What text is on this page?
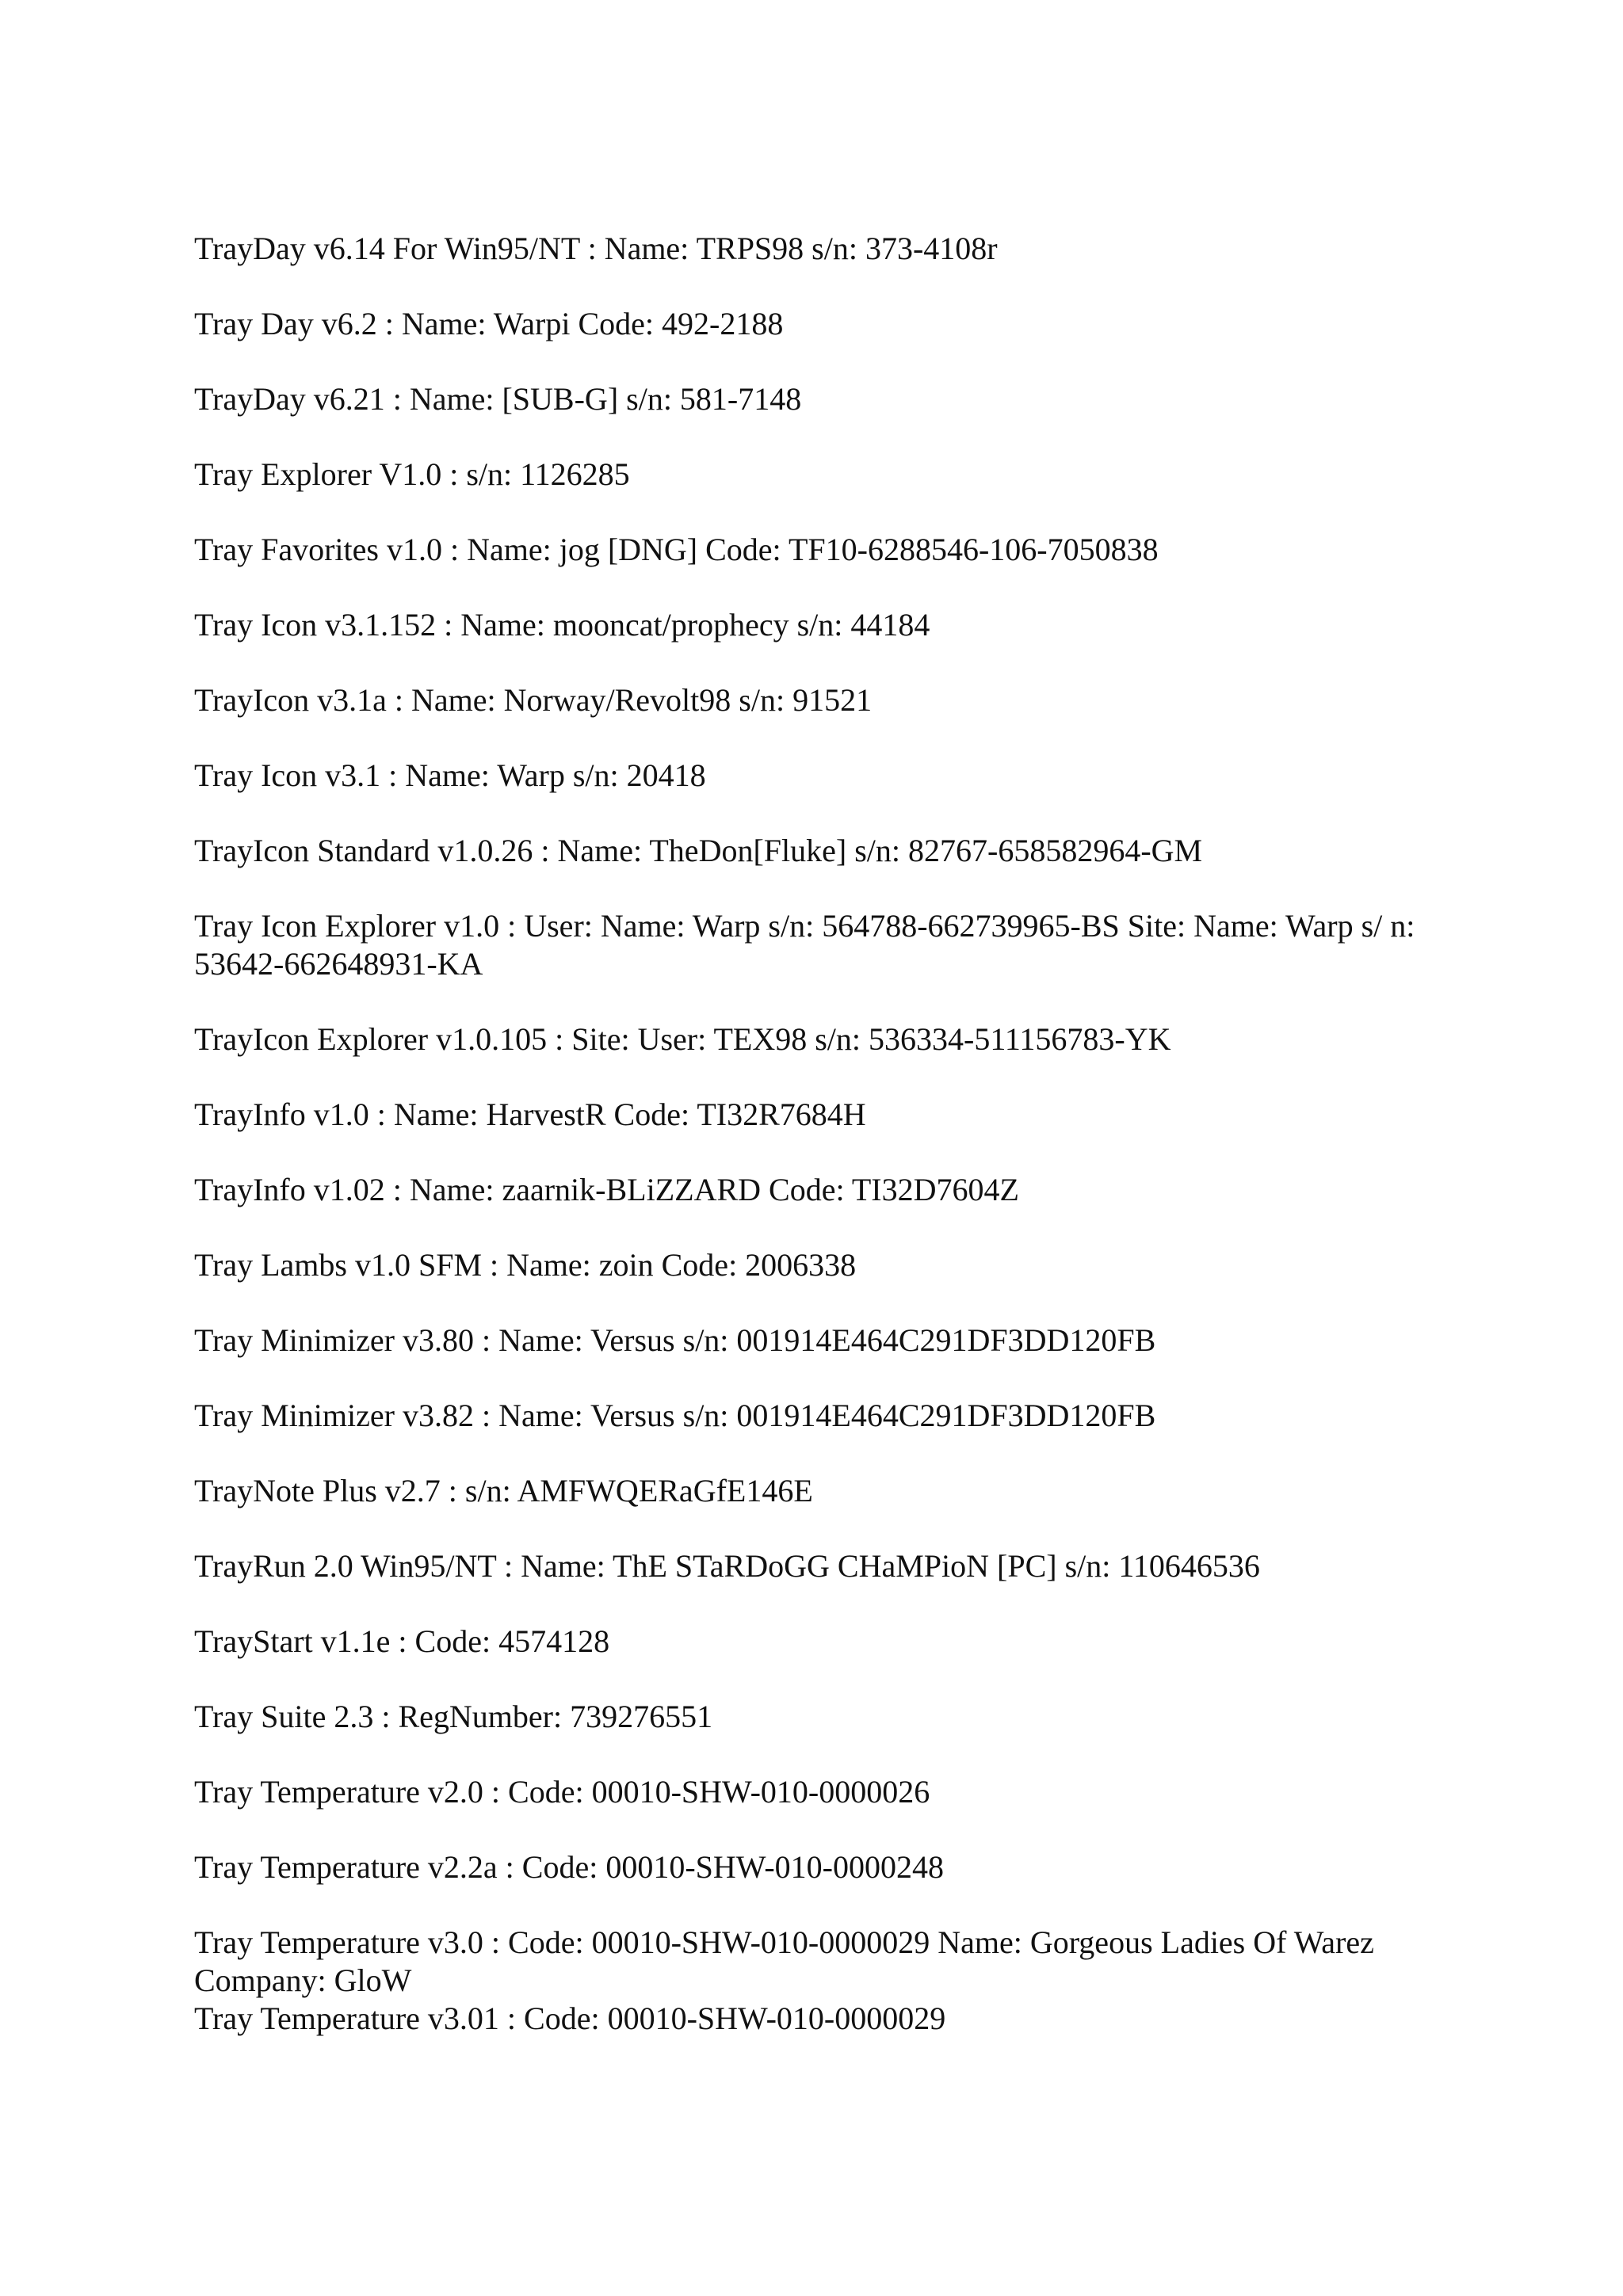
TrayDay v6.14 For Win95/NT : Name: TRPS98 s/n: 373-4108r
Tray Day v6.2 : Name: Warpi Code: 492-2188
TrayDay v6.21 : Name: [SUB-G] s/n: 581-7148
Tray Explorer V1.0 : s/n: 1126285
Tray Favorites v1.0 : Name: jog [DNG] Code: TF10-6288546-106-7050838
Tray Icon v3.1.152 : Name: mooncat/prophecy s/n: 44184
TrayIcon v3.1a : Name: Norway/Revolt98 s/n: 91521
Tray Icon v3.1 : Name: Warp s/n: 20418
TrayIcon Standard v1.0.26 : Name: TheDon[Fluke] s/n: 82767-658582964-GM
Tray Icon Explorer v1.0 : User: Name: Warp s/n: 564788-662739965-BS Site: Name: Warp s/ n: 53642-662648931-KA
TrayIcon Explorer v1.0.105 : Site: User: TEX98 s/n: 536334-511156783-YK
TrayInfo v1.0 : Name: HarvestR Code: TI32R7684H
TrayInfo v1.02 : Name: zaarnik-BLiZZARD Code: TI32D7604Z
Tray Lambs v1.0 SFM : Name: zoin Code: 2006338
Tray Minimizer v3.80 : Name: Versus s/n: 001914E464C291DF3DD120FB
Tray Minimizer v3.82 : Name: Versus s/n: 001914E464C291DF3DD120FB
TrayNote Plus v2.7 : s/n: AMFWQERaGfE146E
TrayRun 2.0 Win95/NT : Name: ThE STaRDoGG CHaMPioN [PC] s/n: 110646536
TrayStart v1.1e : Code: 4574128
Tray Suite 2.3 : RegNumber: 739276551
Tray Temperature v2.0 : Code: 00010-SHW-010-0000026
Tray Temperature v2.2a : Code: 00010-SHW-010-0000248
Tray Temperature v3.0 : Code: 00010-SHW-010-0000029 Name: Gorgeous Ladies Of Warez Company: GloW
Tray Temperature v3.01 : Code: 00010-SHW-010-0000029
